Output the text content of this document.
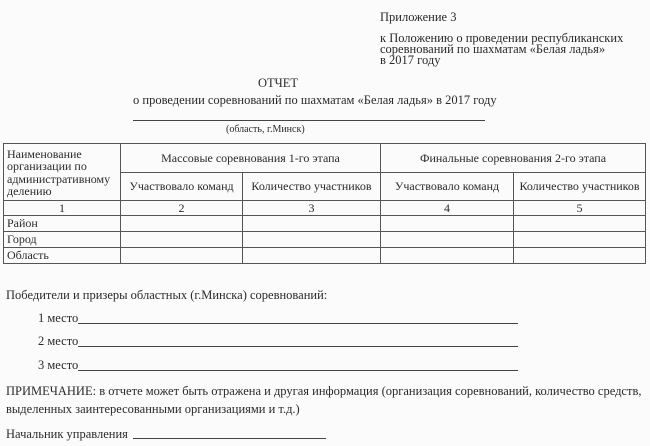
Приложение 3
к Положению о проведении республиканских
соревнований по шахматам «Белая ладья»
в 2017 году
ОТЧЕТ
о проведении соревнований по шахматам «Белая ладья» в 2017 году
(область, г.Минск)
Наименование организации по административному делению	Массовые соревнования 1-го этапа		Финальные соревнования 2-го этапа	
	Участвовало команд	Количество участников	Участвовало команд	Количество участников
1	2	3	4	5
Район				
Город				
Область				
Победители и призеры областных (г.Минска) соревнований:
1 место
2 место
3 место
ПРИМЕЧАНИЕ: в отчете может быть отражена и другая информация (организация соревнований, количество средств,
выделенных заинтересованными организациями и т.д.)
Начальник управления
